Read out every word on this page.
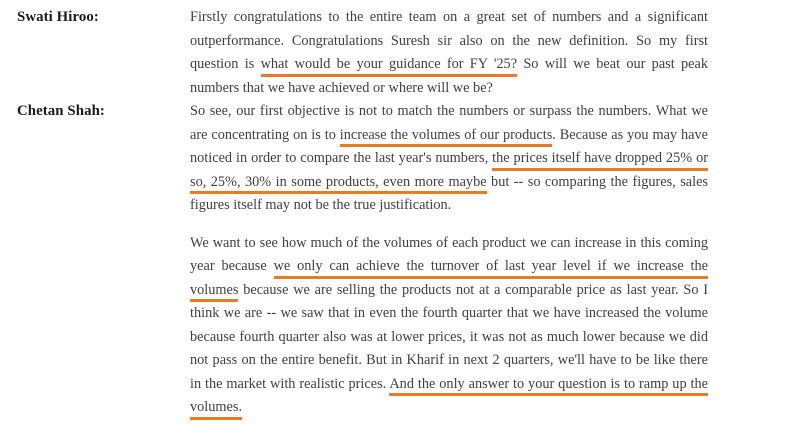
Swati Hiroo:	Firstly congratulations to the entire team on a great set of numbers and a significant outperformance. Congratulations Suresh sir also on the new definition. So my first question is what would be your guidance for FY '25? So will we beat our past peak numbers that we have achieved or where will we be?

Chetan Shah:	So see, our first objective is not to match the numbers or surpass the numbers. What we are concentrating on is to increase the volumes of our products. Because as you may have noticed in order to compare the last year's numbers, the prices itself have dropped 25% or so, 25%, 30% in some products, even more maybe but -- so comparing the figures, sales figures itself may not be the true justification.

We want to see how much of the volumes of each product we can increase in this coming year because we only can achieve the turnover of last year level if we increase the volumes because we are selling the products not at a comparable price as last year. So I think we are -- we saw that in even the fourth quarter that we have increased the volume because fourth quarter also was at lower prices, it was not as much lower because we did not pass on the entire benefit. But in Kharif in next 2 quarters, we'll have to be like there in the market with realistic prices. And the only answer to your question is to ramp up the volumes.
